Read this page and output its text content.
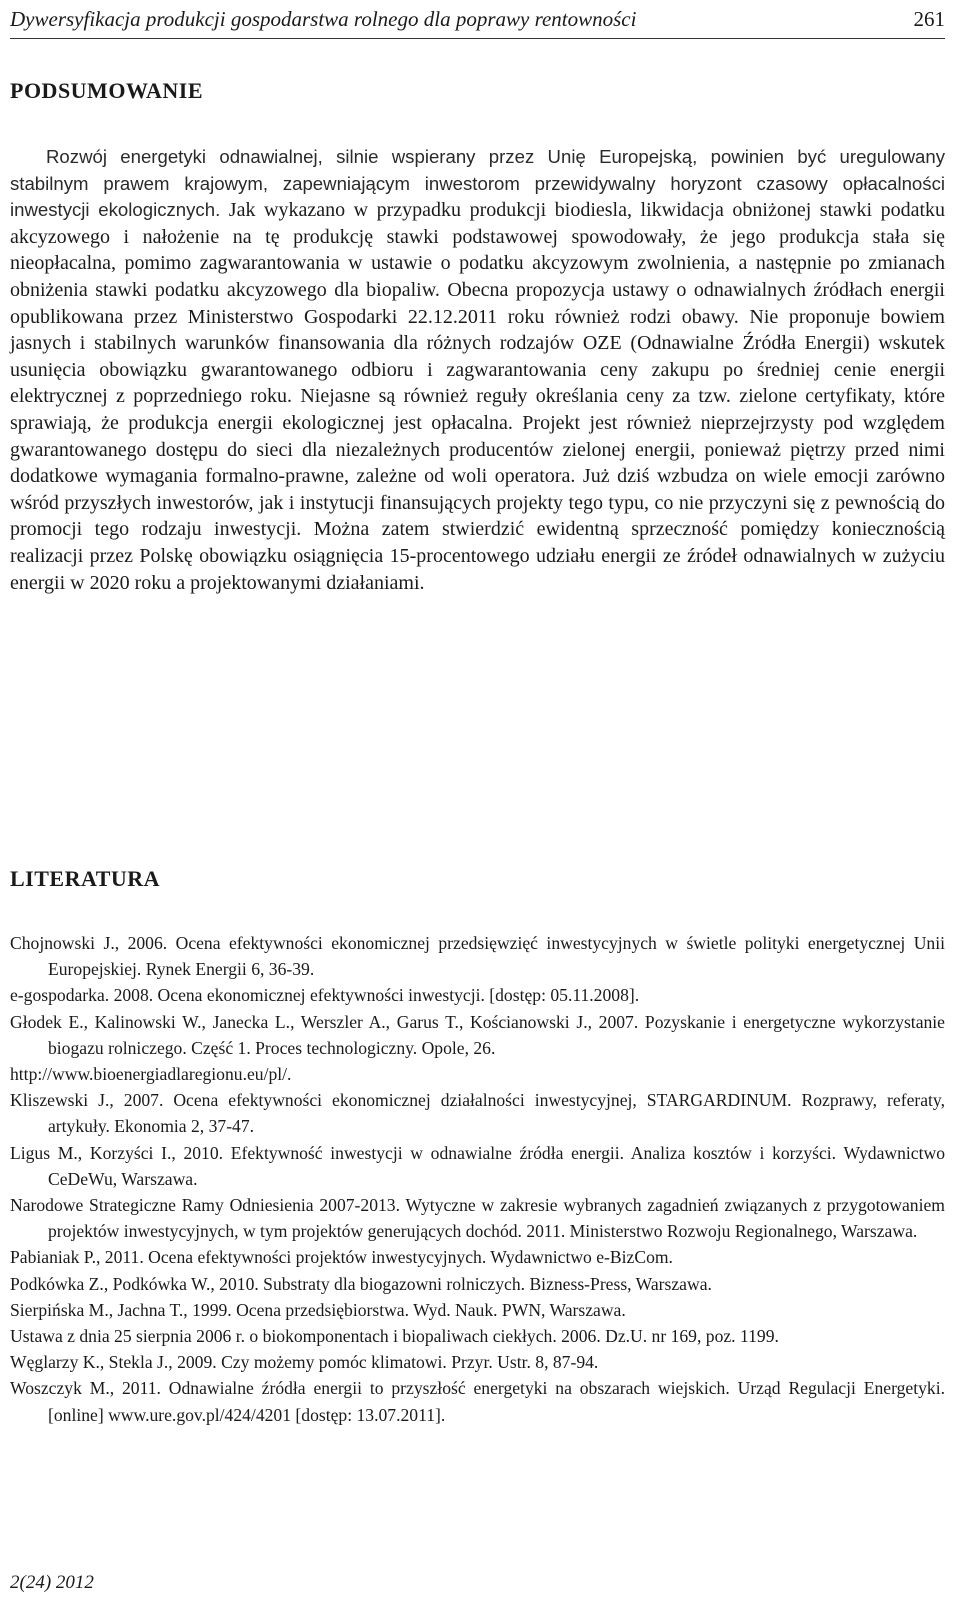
Dywersyfikacja produkcji gospodarstwa rolnego dla poprawy rentowności	261
PODSUMOWANIE

Rozwój energetyki odnawialnej, silnie wspierany przez Unię Europejską, powinien być uregulowany stabilnym prawem krajowym, zapewniającym inwestorom przewidywalny horyzont czasowy opłacalności inwestycji ekologicznych. Jak wykazano w przypadku produkcji biodiesla, likwidacja obniżonej stawki podatku akcyzowego i nałożenie na tę produkcję stawki podstawowej spowodowały, że jego produkcja stała się nieopłacalna, pomimo zagwarantowania w ustawie o podatku akcyzowym zwolnienia, a następnie po zmianach obniżenia stawki podatku akcyzowego dla biopaliw. Obecna propozycja ustawy o odnawialnych źródłach energii opublikowana przez Ministerstwo Gospodarki 22.12.2011 roku również rodzi obawy. Nie proponuje bowiem jasnych i stabilnych warunków finansowania dla różnych rodzajów OZE (Odnawialne Źródła Energii) wskutek usunięcia obowiązku gwarantowanego odbioru i zagwarantowania ceny zakupu po średniej cenie energii elektrycznej z poprzedniego roku. Niejasne są również reguły określania ceny za tzw. zielone certyfikaty, które sprawiają, że produkcja energii ekologicznej jest opłacalna. Projekt jest również nieprzejrzysty pod względem gwarantowanego dostępu do sieci dla niezależnych producentów zielonej energii, ponieważ piętrzy przed nimi dodatkowe wymagania formalno-prawne, zależne od woli operatora. Już dziś wzbudza on wiele emocji zarówno wśród przyszłych inwestorów, jak i instytucji finansujących projekty tego typu, co nie przyczyni się z pewnością do promocji tego rodzaju inwestycji. Można zatem stwierdzić ewidentną sprzeczność pomiędzy koniecznością realizacji przez Polskę obowiązku osiągnięcia 15-procentowego udziału energii ze źródeł odnawialnych w zużyciu energii w 2020 roku a projektowanymi działaniami.

LITERATURA
Chojnowski J., 2006. Ocena efektywności ekonomicznej przedsięwzięć inwestycyjnych w świetle polityki energetycznej Unii Europejskiej. Rynek Energii 6, 36-39.
e-gospodarka. 2008. Ocena ekonomicznej efektywności inwestycji. [dostęp: 05.11.2008].
Głodek E., Kalinowski W., Janecka L., Werszler A., Garus T., Kościanowski J., 2007. Pozyskanie i energetyczne wykorzystanie biogazu rolniczego. Część 1. Proces technologiczny. Opole, 26.
http://www.bioenergiadlaregionu.eu/pl/.
Kliszewski J., 2007. Ocena efektywności ekonomicznej działalności inwestycyjnej, STARGARDINUM. Rozprawy, referaty, artykuły. Ekonomia 2, 37-47.
Ligus M., Korzyści I., 2010. Efektywność inwestycji w odnawialne źródła energii. Analiza kosztów i korzyści. Wydawnictwo CeDeWu, Warszawa.
Narodowe Strategiczne Ramy Odniesienia 2007-2013. Wytyczne w zakresie wybranych zagadnień związanych z przygotowaniem projektów inwestycyjnych, w tym projektów generujących dochód. 2011. Ministerstwo Rozwoju Regionalnego, Warszawa.
Pabianiak P., 2011. Ocena efektywności projektów inwestycyjnych. Wydawnictwo e-BizCom.
Podkówka Z., Podkówka W., 2010. Substraty dla biogazowni rolniczych. Bizness-Press, Warszawa.
Sierpińska M., Jachna T., 1999. Ocena przedsiębiorstwa. Wyd. Nauk. PWN, Warszawa.
Ustawa z dnia 25 sierpnia 2006 r. o biokomponentach i biopaliwach ciekłych. 2006. Dz.U. nr 169, poz. 1199.
Węglarzy K., Stekla J., 2009. Czy możemy pomóc klimatowi. Przyr. Ustr. 8, 87-94.
Woszczyk M., 2011. Odnawialne źródła energii to przyszłość energetyki na obszarach wiejskich. Urząd Regulacji Energetyki. [online] www.ure.gov.pl/424/4201 [dostęp: 13.07.2011].
2(24) 2012
